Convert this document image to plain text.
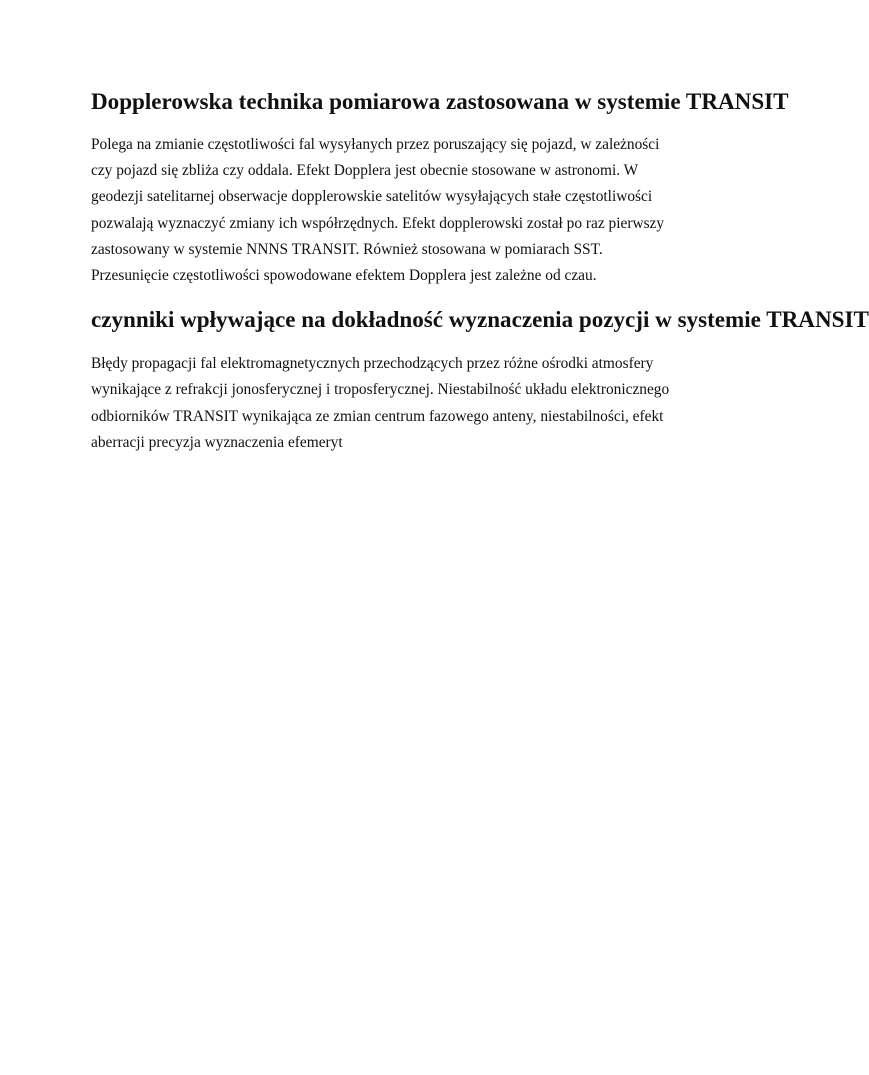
Dopplerowska technika pomiarowa zastosowana w systemie TRANSIT

Polega na zmianie częstotliwości fal wysyłanych przez poruszający się pojazd, w zależności
czy pojazd się zbliża czy oddala. Efekt Dopplera jest obecnie stosowane w astronomi. W
geodezji satelitarnej obserwacje dopplerowskie satelitów wysyłających stałe częstotliwości
pozwalają wyznaczyć zmiany ich współrzędnych. Efekt dopplerowski został po raz pierwszy
zastosowany w systemie NNNS TRANSIT. Również stosowana w pomiarach SST.
Przesunięcie częstotliwości spowodowane efektem Dopplera jest zależne od czau.

czynniki wpływające na dokładność wyznaczenia pozycji w systemie TRANSIT

Błędy propagacji fal elektromagnetycznych przechodzących przez różne ośrodki atmosfery
wynikające z refrakcji jonosferycznej i troposferycznej. Niestabilność układu elektronicznego
odbiorników TRANSIT wynikająca ze zmian centrum fazowego anteny, niestabilności, efekt
aberracji precyzja wyznaczenia efemeryt
